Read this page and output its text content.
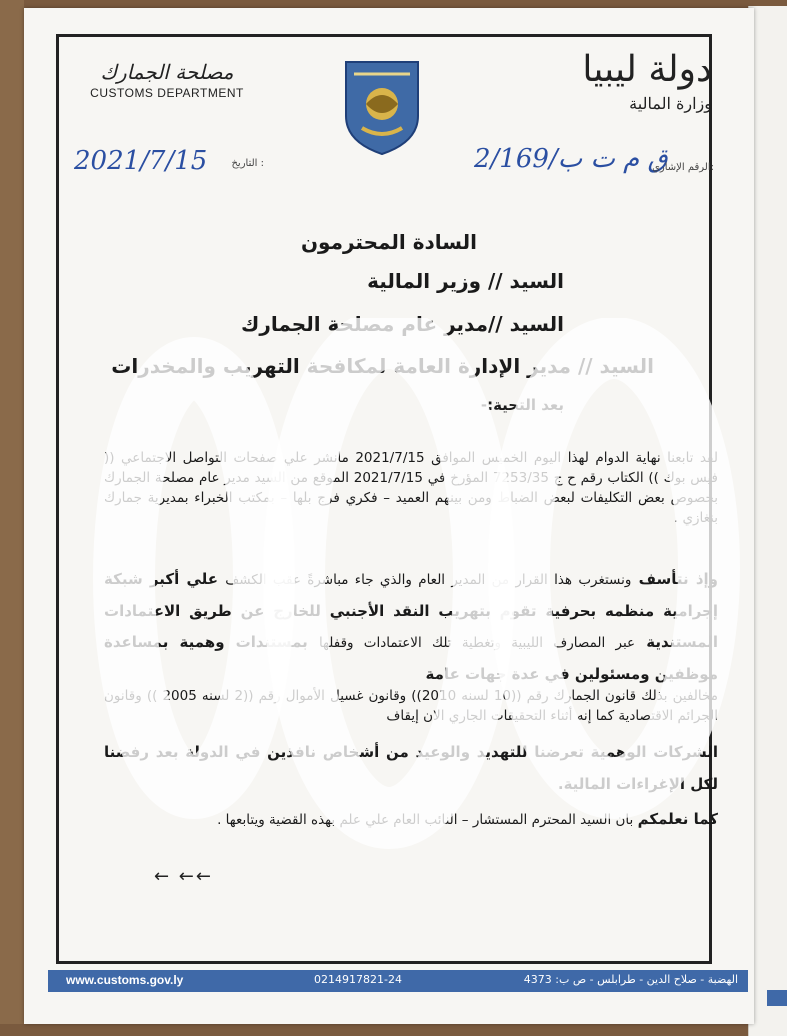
مصلحة الجمارك
CUSTOMS DEPARTMENT
دولة ليبيا
وزارة المالية
2021/7/15 التاريخ :	ق م ت ب/2/169
الرقم الإشاري:
السادة المحترمون
السيد // وزير المالية
السيد //مدير عام مصلحة الجمارك
السيد // مدير الإدارة العامة لمكافحة التهريب والمخدرات
بعد التحية:-
لقد تابعنا نهاية الدوام لهذا اليوم الخميس الموافق 2021/7/15 مانشر علي صفحات التواصل الاجتماعي (( فيس بوك )) الكتاب رقم ح ج 7253/35 المؤرخ في 2021/7/15 الموقع من السيد مدير عام مصلحة الجمارك بخصوص بعض التكليفات لبعض الضباط ومن بينهم العميد – فكري فرج بلها – بمكتب الخبراء بمديرية جمارك بنغازي .
وإذ نتأسف ونستغرب هذا القرار من المدير العام والذي جاء مباشرةً عقب الكشف علي أكبر شبكة إجرامية منظمه بحرفية تقوم بتهريب النقد الأجنبي للخارج عن طريق الاعتمادات المستندية عبر المصارف الليبية وتغطية تلك الاعتمادات وقفلها بمستندات وهمية بمساعدة موظفين ومسئولين في عدة جهات عامة
مخالفين بذلك قانون الجمارك رقم ((10 لسنه 2010)) وقانون غسيل الأموال رقم ((2 لسنه 2005 )) وقانون الجرائم الاقتصادية كما إنه أثناء التحقيقات الجاري الان إيقاف
الشركات الوهمية تعرضنا للتهديد والوعيد من أشخاص نافذين في الدولة بعد رفضنا لكل الإغراءات المالية.
كما نعلمكم بان السيد المحترم المستشار – النائب العام علي علم بهذه القضية ويتابعها .
← ←←
www.customs.gov.ly	0214917821-24	الهضبة - صلاح الدين - طرابلس - ص ب: 4373
